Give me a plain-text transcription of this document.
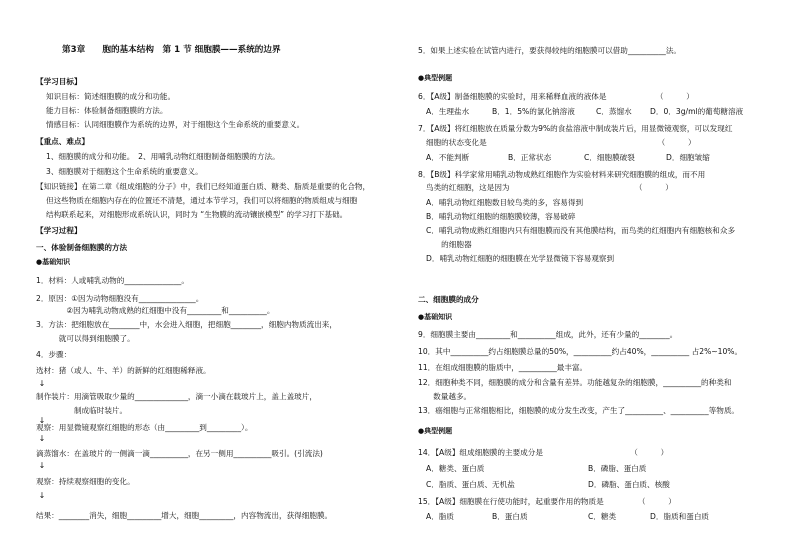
第3章　　胞的基本结构　第 1 节 细胞膜——系统的边界
【学习目标】
知识目标：简述细胞膜的成分和功能。
能力目标：体验制备细胞膜的方法。
情感目标：认同细胞膜作为系统的边界，对于细胞这个生命系统的重要意义。
【重点、难点】
1、细胞膜的成分和功能。　2、用哺乳动物红细胞制备细胞膜的方法。
3、细胞膜对于细胞这个生命系统的重要意义。
【知识链接】在第二章《组成细胞的分子》中，我们已经知道蛋白质、糖类、脂质是重要的化合物，
但这些物质在细胞内存在的位置还不清楚，通过本节学习，我们可以将细胞的物质组成与细胞
结构联系起来，对细胞形成系统认识，同时为 “生物膜的流动镶嵌模型” 的学习打下基础。
【学习过程】
一、体验制备细胞膜的方法
●基础知识
1．材料：人或哺乳动物的_______________。
2．原因：①因为动物细胞没有_______________。
　　　　②因为哺乳动物成熟的红细胞中没有_________和__________。
3．方法：把细胞放在________中，水会进入细胞，把细胞________，细胞内物质流出来，
　　　就可以得到细胞膜了。
4．步骤：
选材：猪（或人、牛、羊）的新鲜的红细胞稀释液。
↓
制作装片：用滴管吸取少量的______________，滴一小滴在载玻片上，盖上盖玻片，
　　　　　制成临时装片。
↓
观察：用显微镜观察红细胞的形态（由_________到_________）。
↓
滴蒸馏水：在盖玻片的一侧滴一滴__________，在另一侧用__________吸引。(引流法)
↓
观察：持续观察细胞的变化。
↓
结果：________消失，细胞_________增大，细胞_________，内容物流出，获得细胞膜。
5．如果上述实验在试管内进行，要获得较纯的细胞膜可以借助__________法。
●典型例题
6．【A级】制备细胞膜的实验时，用来稀释血液的液体是　　　　　　　（　　　）
A．生理盐水	B．1．5%的氯化钠溶液	C．蒸馏水 D．0．3g/ml的葡萄糖溶液
7．【A级】将红细胞放在质量分数为9%的食盐溶液中制成装片后，用显微镜观察，可以发现红
细胞的状态变化是　　　　　　　　　　　　　　　　　　　　　　　（　　　）
A．不能判断	B．正常状态	C．细胞膜破裂	D．细胞皱缩
8．【B级】科学家常用哺乳动物成熟红细胞作为实验材料来研究细胞膜的组成，而不用
鸟类的红细胞，这是因为　　　　　　　　　　　　　　　　　（　　　）
A．哺乳动物红细胞数目较鸟类的多，容易得到
B．哺乳动物红细胞的细胞膜较薄，容易破碎
C．哺乳动物成熟红细胞内只有细胞膜而没有其他膜结构，而鸟类的红细胞内有细胞核和众多
　　的细胞器
D．哺乳动物红细胞的细胞膜在光学显微镜下容易观察到
二、细胞膜的成分
●基础知识
9．细胞膜主要由_________和__________组成，此外，还有少量的________。
10．其中__________约占细胞膜总量的50%，__________约占40%，__________ 占2%~10%。
11．在组成细胞膜的脂质中，__________最丰富。
12．细胞种类不同，细胞膜的成分和含量有差异。功能越复杂的细胞膜，__________的种类和
　　数量越多。
13．癌细胞与正常细胞相比，细胞膜的成分发生改变，产生了__________、__________等物质。
●典型例题
14．【A级】组成细胞膜的主要成分是　　　　　　　　　　　　（　　　）
A．糖类、蛋白质	B．磷脂、蛋白质
C．脂质、蛋白质、无机盐	D．磷脂、蛋白质、核酸
15．【A级】细胞膜在行使功能时，起重要作用的物质是　　　　　（　　　）
A．脂质	B．蛋白质	C．糖类	D．脂质和蛋白质
